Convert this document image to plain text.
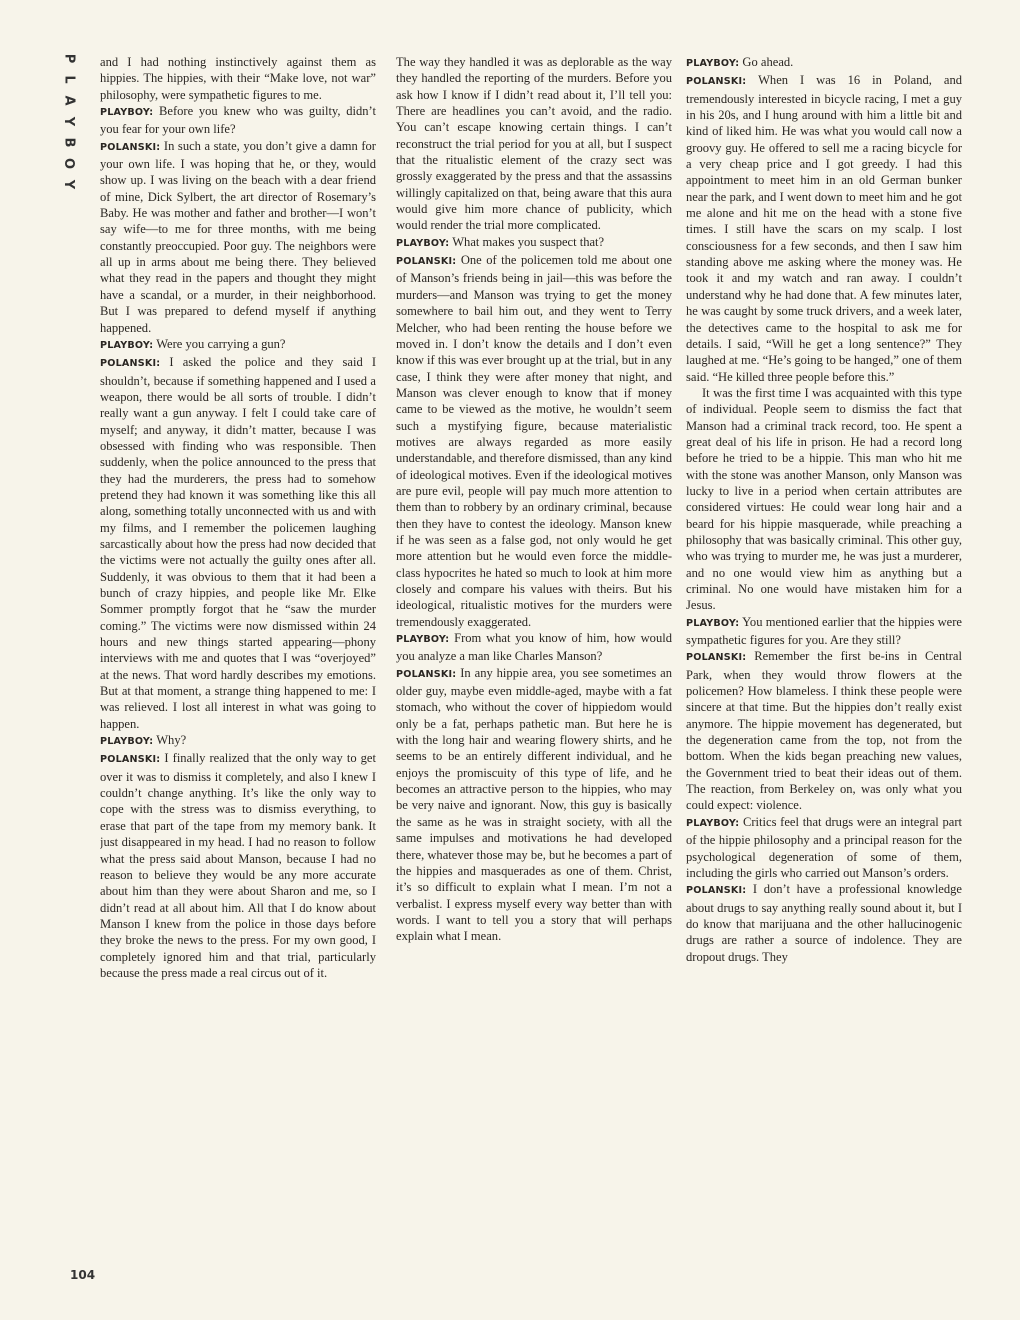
P
L
A
Y
B
O
Y
104

and I had nothing instinctively against them as hippies. The hippies, with their “Make love, not war” philosophy, were sympathetic figures to me.

PLAYBOY : Before you knew who was guilty, didn’t you fear for your own life?

POLANSKI : In such a state, you don’t give a damn for your own life. I was hoping that he, or they, would show up. I was living on the beach with a dear friend of mine, Dick Sylbert, the art director of Rosemary’s Baby. He was mother and father and brother—I won’t say wife—to me for three months, with me being constantly preoccupied. Poor guy. The neighbors were all up in arms about me being there. They believed what they read in the papers and thought they might have a scandal, or a murder, in their neighborhood. But I was prepared to defend myself if anything happened.

PLAYBOY : Were you carrying a gun?

POLANSKI : I asked the police and they said I shouldn’t, because if something happened and I used a weapon, there would be all sorts of trouble. I didn’t really want a gun anyway. I felt I could take care of myself; and anyway, it didn’t matter, because I was obsessed with finding who was responsible. Then suddenly, when the police announced to the press that they had the murderers, the press had to somehow pretend they had known it was something like this all along, something totally unconnected with us and with my films, and I remember the policemen laughing sarcastically about how the press had now decided that the victims were not actually the guilty ones after all. Suddenly, it was obvious to them that it had been a bunch of crazy hippies, and people like Mr. Elke Sommer promptly forgot that he “saw the murder coming.” The victims were now dismissed within 24 hours and new things started appearing—phony interviews with me and quotes that I was “overjoyed” at the news. That word hardly describes my emotions. But at that moment, a strange thing happened to me: I was relieved. I lost all interest in what was going to happen.

PLAYBOY : Why?

POLANSKI : I finally realized that the only way to get over it was to dismiss it completely, and also I knew I couldn’t change anything. It’s like the only way to cope with the stress was to dismiss everything, to erase that part of the tape from my memory bank. It just disappeared in my head. I had no reason to follow what the press said about Manson, because I had no reason to believe they would be any more accurate about him than they were about Sharon and me, so I didn’t read at all about him. All that I do know about Manson I knew from the police in those days before they broke the news to the press. For my own good, I completely ignored him and that trial, particularly because the press made a real circus out of it.

The way they handled it was as deplorable as the way they handled the reporting of the murders. Before you ask how I know if I didn’t read about it, I’ll tell you: There are headlines you can’t avoid, and the radio. You can’t escape knowing certain things. I can’t reconstruct the trial period for you at all, but I suspect that the ritualistic element of the crazy sect was grossly exaggerated by the press and that the assassins willingly capitalized on that, being aware that this aura would give him more chance of publicity, which would render the trial more complicated.

PLAYBOY : What makes you suspect that?

POLANSKI : One of the policemen told me about one of Manson’s friends being in jail—this was before the murders—and Manson was trying to get the money somewhere to bail him out, and they went to Terry Melcher, who had been renting the house before we moved in. I don’t know the details and I don’t even know if this was ever brought up at the trial, but in any case, I think they were after money that night, and Manson was clever enough to know that if money came to be viewed as the motive, he wouldn’t seem such a mystifying figure, because materialistic motives are always regarded as more easily understandable, and therefore dismissed, than any kind of ideological motives. Even if the ideological motives are pure evil, people will pay much more attention to them than to robbery by an ordinary criminal, because then they have to contest the ideology. Manson knew if he was seen as a false god, not only would he get more attention but he would even force the middle-class hypocrites he hated so much to look at him more closely and compare his values with theirs. But his ideological, ritualistic motives for the murders were tremendously exaggerated.

PLAYBOY : From what you know of him, how would you analyze a man like Charles Manson?

POLANSKI : In any hippie area, you see sometimes an older guy, maybe even middle-aged, maybe with a fat stomach, who without the cover of hippiedom would only be a fat, perhaps pathetic man. But here he is with the long hair and wearing flowery shirts, and he seems to be an entirely different individual, and he enjoys the promiscuity of this type of life, and he becomes an attractive person to the hippies, who may be very naive and ignorant. Now, this guy is basically the same as he was in straight society, with all the same impulses and motivations he had developed there, whatever those may be, but he becomes a part of the hippies and masquerades as one of them. Christ, it’s so difficult to explain what I mean. I’m not a verbalist. I express myself every way better than with words. I want to tell you a story that will perhaps explain what I mean.

PLAYBOY : Go ahead.

POLANSKI : When I was 16 in Poland, and tremendously interested in bicycle racing, I met a guy in his 20s, and I hung around with him a little bit and kind of liked him. He was what you would call now a groovy guy. He offered to sell me a racing bicycle for a very cheap price and I got greedy. I had this appointment to meet him in an old German bunker near the park, and I went down to meet him and he got me alone and hit me on the head with a stone five times. I still have the scars on my scalp. I lost consciousness for a few seconds, and then I saw him standing above me asking where the money was. He took it and my watch and ran away. I couldn’t understand why he had done that. A few minutes later, he was caught by some truck drivers, and a week later, the detectives came to the hospital to ask me for details. I said, “Will he get a long sentence?” They laughed at me. “He’s going to be hanged,” one of them said. “He killed three people before this.”

It was the first time I was acquainted with this type of individual. People seem to dismiss the fact that Manson had a criminal track record, too. He spent a great deal of his life in prison. He had a record long before he tried to be a hippie. This man who hit me with the stone was another Manson, only Manson was lucky to live in a period when certain attributes are considered virtues: He could wear long hair and a beard for his hippie masquerade, while preaching a philosophy that was basically criminal. This other guy, who was trying to murder me, he was just a murderer, and no one would view him as anything but a criminal. No one would have mistaken him for a Jesus.

PLAYBOY : You mentioned earlier that the hippies were sympathetic figures for you. Are they still?

POLANSKI : Remember the first be-ins in Central Park, when they would throw flowers at the policemen? How blameless. I think these people were sincere at that time. But the hippies don’t really exist anymore. The hippie movement has degenerated, but the degeneration came from the top, not from the bottom. When the kids began preaching new values, the Government tried to beat their ideas out of them. The reaction, from Berkeley on, was only what you could expect: violence.

PLAYBOY : Critics feel that drugs were an integral part of the hippie philosophy and a principal reason for the psychological degeneration of some of them, including the girls who carried out Manson’s orders.

POLANSKI : I don’t have a professional knowledge about drugs to say anything really sound about it, but I do know that marijuana and the other hallucinogenic drugs are rather a source of indolence. They are dropout drugs. They
